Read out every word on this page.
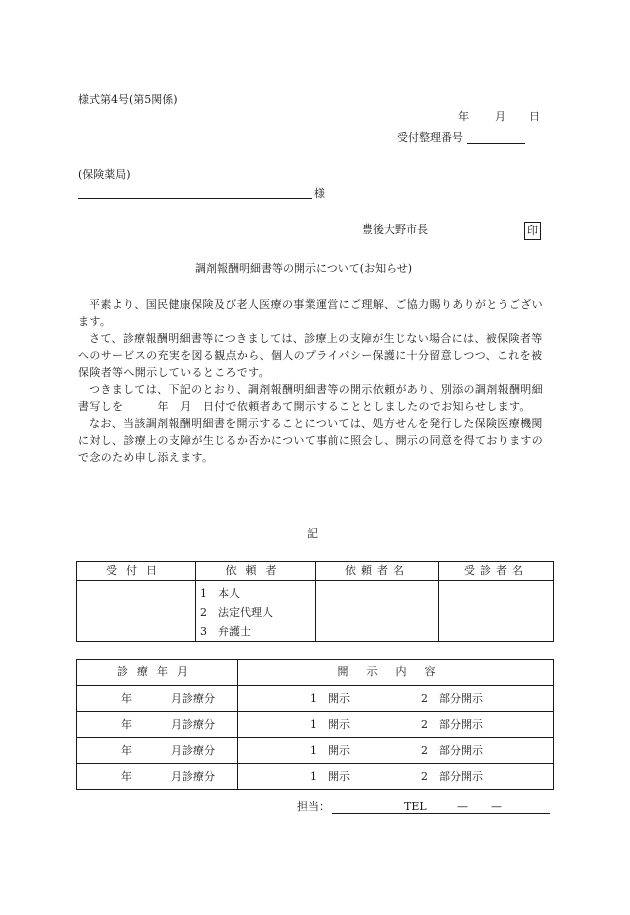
様式第4号(第5関係)
年 月 日
受付整理番号
(保険薬局)
様
豊後大野市長	印
調剤報酬明細書等の開示について(お知らせ)

平素より、国民健康保険及び老人医療の事業運営にご理解、ご協力賜りありがとうございます。

さて、診療報酬明細書等につきましては、診療上の支障が生じない場合には、被保険者等へのサービスの充実を図る観点から、個人のプライバシー保護に十分留意しつつ、これを被保険者等へ開示しているところです。

つきましては、下記のとおり、調剤報酬明細書等の開示依頼があり、別添の調剤報酬明細書写しを　　　年　月　日付で依頼者あて開示することとしましたのでお知らせします。

なお、当該調剤報酬明細書を開示することについては、処方せんを発行した保険医療機関に対し、診療上の支障が生じるか否かについて事前に照会し、開示の同意を得ておりますので念のため申し添えます。

記
受付日	依頼者	依頼者名	受診者名

	1　本人
2　法定代理人
3　弁護士		

診療年月	開示内容

年 月診療分	1　開示 2　部分開示

年 月診療分	1　開示 2　部分開示

年 月診療分	1　開示 2　部分開示

年 月診療分	1　開示 2　部分開示
担当：	TEL	— —
